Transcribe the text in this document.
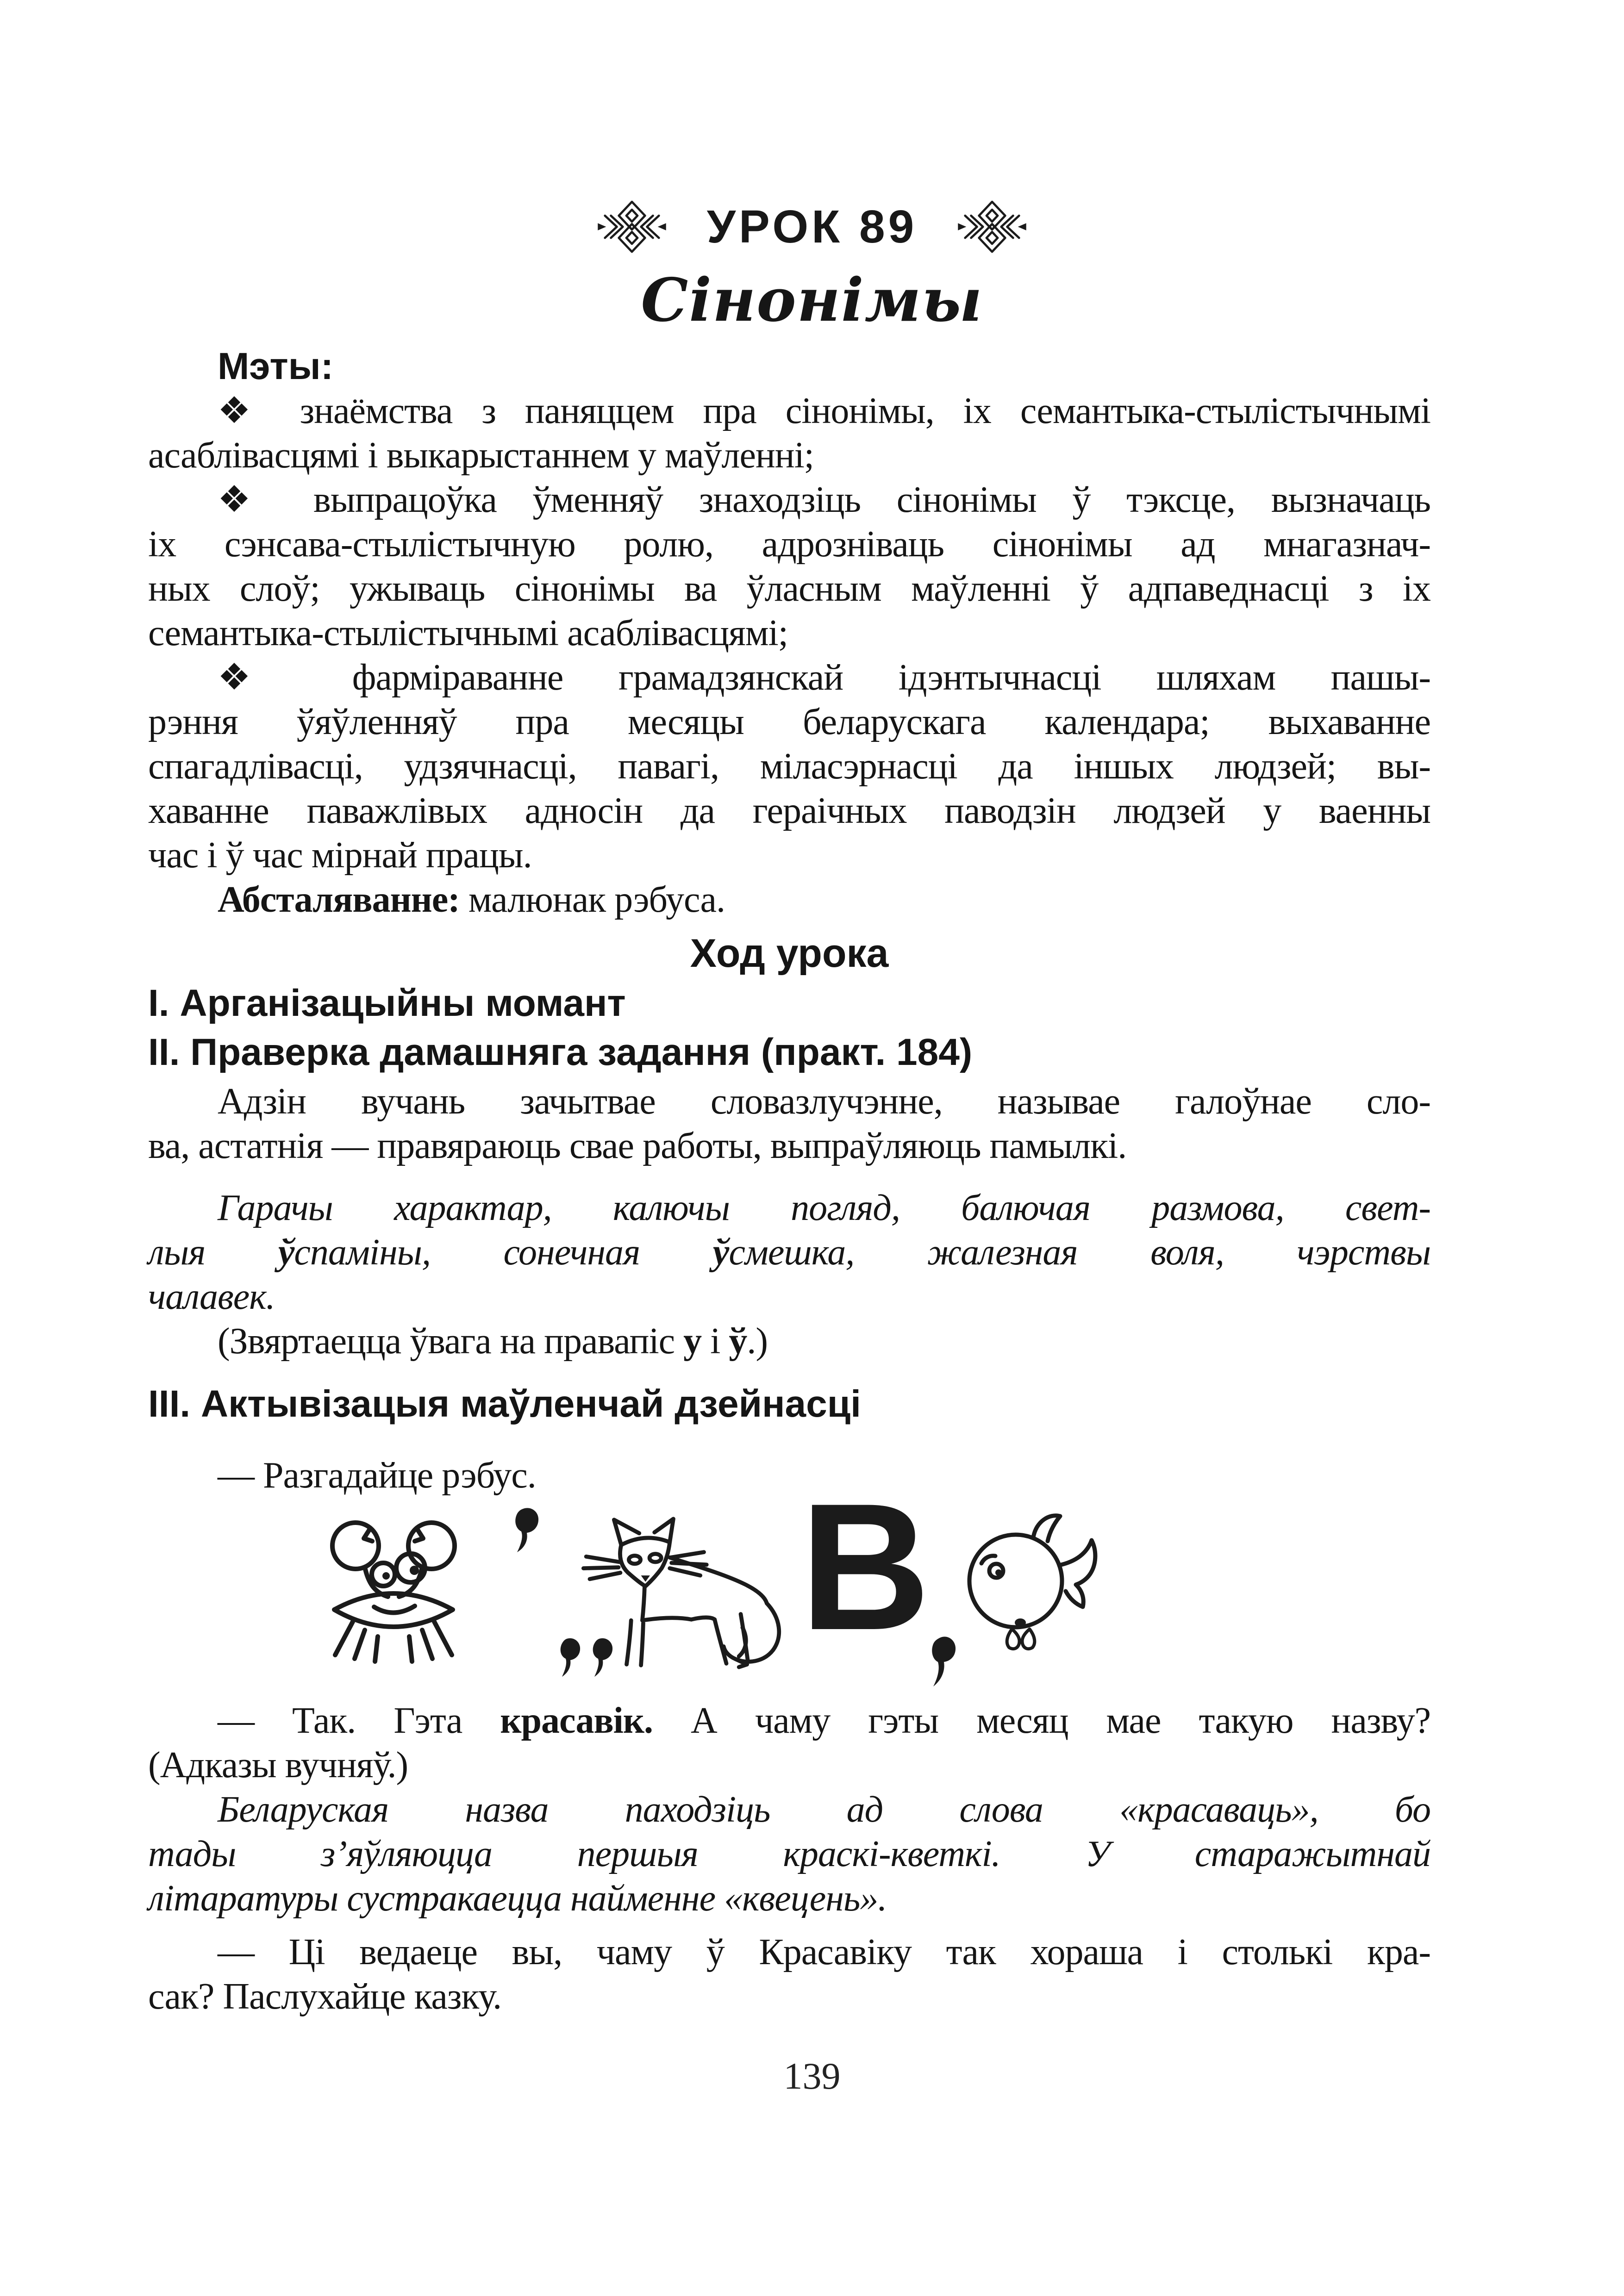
УРОК 89
Сінонімы
Мэты:
❖ знаёмства з паняццем пра сінонімы, іх семантыка-стылістычнымі
асаблівасцямі і выкарыстаннем у маўленні;
❖ выпрацоўка ўменняў знаходзіць сінонімы ў тэксце, вызначаць
іх сэнсава-стылістычную ролю, адрозніваць сінонімы ад мнагазнач-
ных слоў; ужываць сінонімы ва ўласным маўленні ў адпаведнасці з іх
семантыка-стылістычнымі асаблівасцямі;
❖ фарміраванне грамадзянскай ідэнтычнасці шляхам пашы-
рэння ўяўленняў пра месяцы беларускага календара; выхаванне
спагадлівасці, удзячнасці, павагі, міласэрнасці да іншых людзей; вы-
хаванне паважлівых адносін да гераічных паводзін людзей у ваенны
час і ў час мірнай працы.
Абсталяванне: малюнак рэбуса.
Ход урока
I. Арганізацыйны момант
II. Праверка дамашняга задання (практ. 184)
Адзін вучань зачытвае словазлучэнне, называе галоўнае сло-
ва, астатнія — правяраюць свае работы, выпраўляюць памылкі.
Гарачы характар, калючы погляд, балючая размова, свет-
лыя ўспаміны, сонечная ўсмешка, жалезная воля, чэрствы
чалавек.
(Звяртаецца ўвага на правапіс у і ў.)
III. Актывізацыя маўленчай дзейнасці
— Разгадайце рэбус.	В
— Так. Гэта красавік. А чаму гэты месяц мае такую назву?
(Адказы вучняў.)
Беларуская назва паходзіць ад слова «красаваць», бо
тады з’яўляюцца першыя краскі-кветкі. У старажытнай
літаратуры сустракаецца найменне «квецень».
— Ці ведаеце вы, чаму ў Красавіку так хораша і столькі кра-
сак? Паслухайце казку.
139
